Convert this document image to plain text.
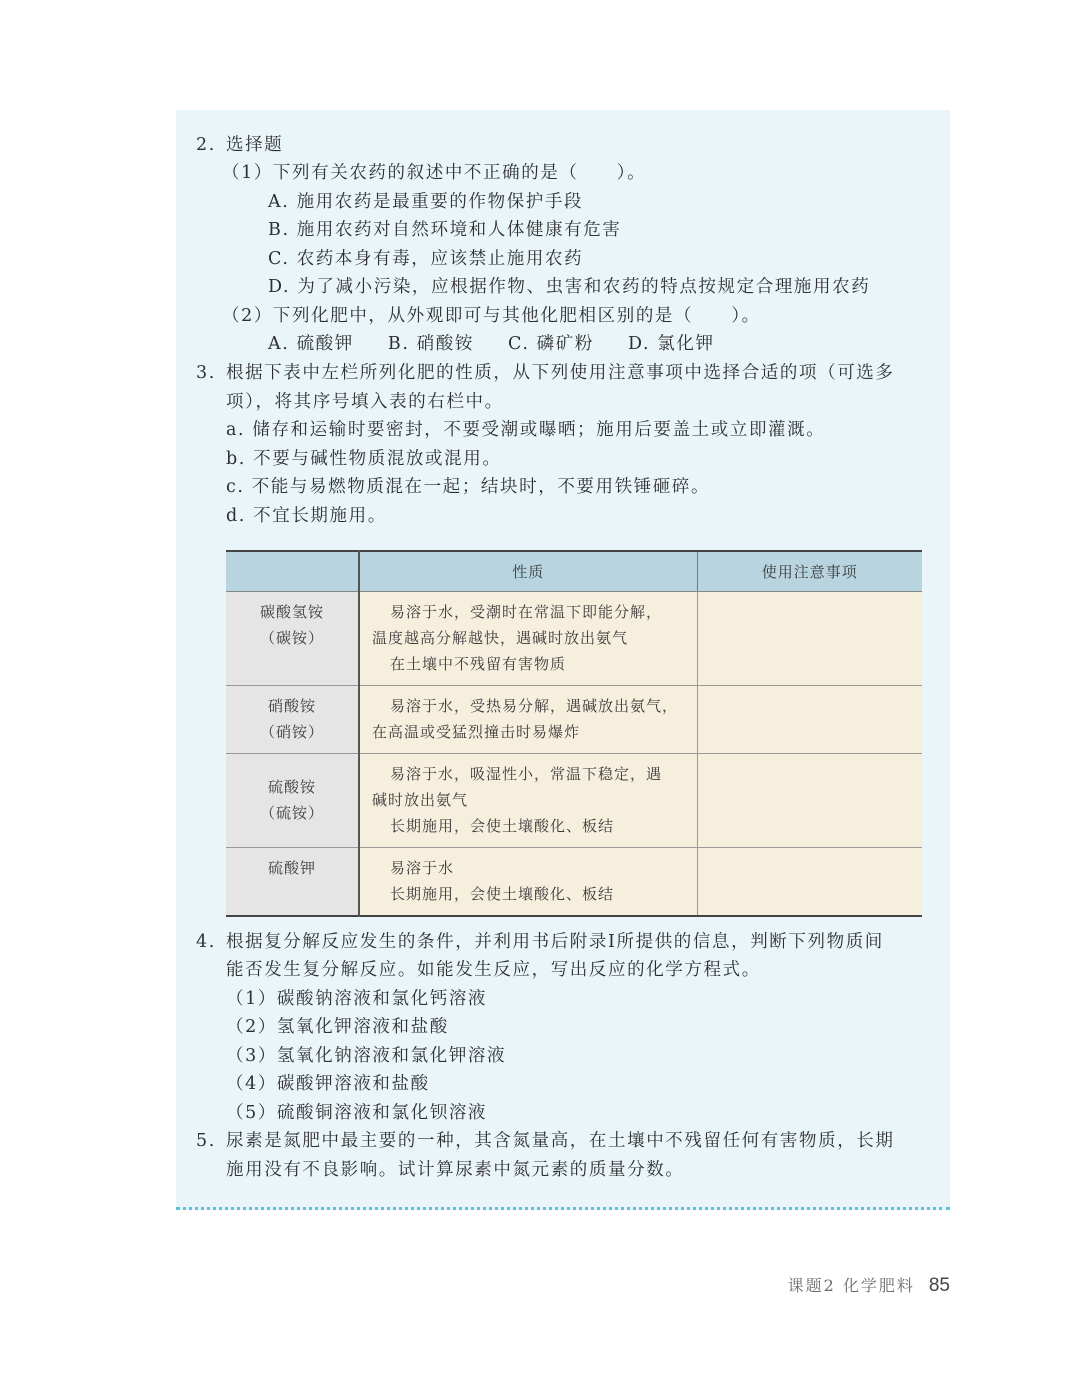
2. 选择题
（1）下列有关农药的叙述中不正确的是（　　）。
A. 施用农药是最重要的作物保护手段
B. 施用农药对自然环境和人体健康有危害
C. 农药本身有毒，应该禁止施用农药
D. 为了减小污染，应根据作物、虫害和农药的特点按规定合理施用农药
（2）下列化肥中，从外观即可与其他化肥相区别的是（　　）。
A. 硫酸钾 B. 硝酸铵 C. 磷矿粉 D. 氯化钾
3. 根据下表中左栏所列化肥的性质，从下列使用注意事项中选择合适的项（可选多
项），将其序号填入表的右栏中。
a. 储存和运输时要密封，不要受潮或曝晒；施用后要盖土或立即灌溉。
b. 不要与碱性物质混放或混用。
c. 不能与易燃物质混在一起；结块时，不要用铁锤砸碎。
d. 不宜长期施用。
	性质	使用注意事项

碳酸氢铵
（碳铵）	易溶于水，受潮时在常温下即能分解，
温度越高分解越快，遇碱时放出氨气
在土壤中不残留有害物质	

硝酸铵
（硝铵）	易溶于水，受热易分解，遇碱放出氨气，
在高温或受猛烈撞击时易爆炸	

硫酸铵
（硫铵）	易溶于水，吸湿性小，常温下稳定，遇
碱时放出氨气
长期施用，会使土壤酸化、板结	

硫酸钾	易溶于水
长期施用，会使土壤酸化、板结	

4. 根据复分解反应发生的条件，并利用书后附录Ⅰ所提供的信息，判断下列物质间
能否发生复分解反应。如能发生反应，写出反应的化学方程式。
（1）碳酸钠溶液和氯化钙溶液
（2）氢氧化钾溶液和盐酸
（3）氢氧化钠溶液和氯化钾溶液
（4）碳酸钾溶液和盐酸
（5）硫酸铜溶液和氯化钡溶液
5. 尿素是氮肥中最主要的一种，其含氮量高，在土壤中不残留任何有害物质，长期
施用没有不良影响。试计算尿素中氮元素的质量分数。
课题2 化学肥料 85
